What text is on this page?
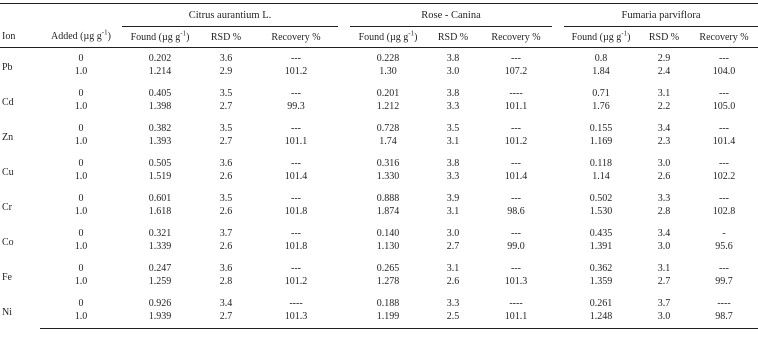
		Citrus aurantium L.				Rose - Canina				Fumaria parviflora		
Ion	Added (µg $g^{-1}$)	Found (µg $g^{-1}$)	RSD %	Recovery %		Found (µg $g^{-1}$)	RSD %	Recovery %		Found (µg $g^{-1}$)	RSD %	Recovery %
Pb	0	0.202	3.6	---		0.228	3.8	---		0.8	2.9	---
	1.0	1.214	2.9	101.2		1.30	3.0	107.2		1.84	2.4	104.0
Cd	0	0.405	3.5	---		0.201	3.8	----		0.71	3.1	---
	1.0	1.398	2.7	99.3		1.212	3.3	101.1		1.76	2.2	105.0
Zn	0	0.382	3.5	---		0.728	3.5	---		0.155	3.4	---
	1.0	1.393	2.7	101.1		1.74	3.1	101.2		1.169	2.3	101.4
Cu	0	0.505	3.6	---		0.316	3.8	---		0.118	3.0	---
	1.0	1.519	2.6	101.4		1.330	3.3	101.4		1.14	2.6	102.2
Cr	0	0.601	3.5	---		0.888	3.9	---		0.502	3.3	---
	1.0	1.618	2.6	101.8		1.874	3.1	98.6		1.530	2.8	102.8
Co	0	0.321	3.7	---		0.140	3.0	---		0.435	3.4	-
	1.0	1.339	2.6	101.8		1.130	2.7	99.0		1.391	3.0	95.6
Fe	0	0.247	3.6	---		0.265	3.1	---		0.362	3.1	---
	1.0	1.259	2.8	101.2		1.278	2.6	101.3		1.359	2.7	99.7
Ni	0	0.926	3.4	----		0.188	3.3	----		0.261	3.7	----
	1.0	1.939	2.7	101.3		1.199	2.5	101.1		1.248	3.0	98.7
